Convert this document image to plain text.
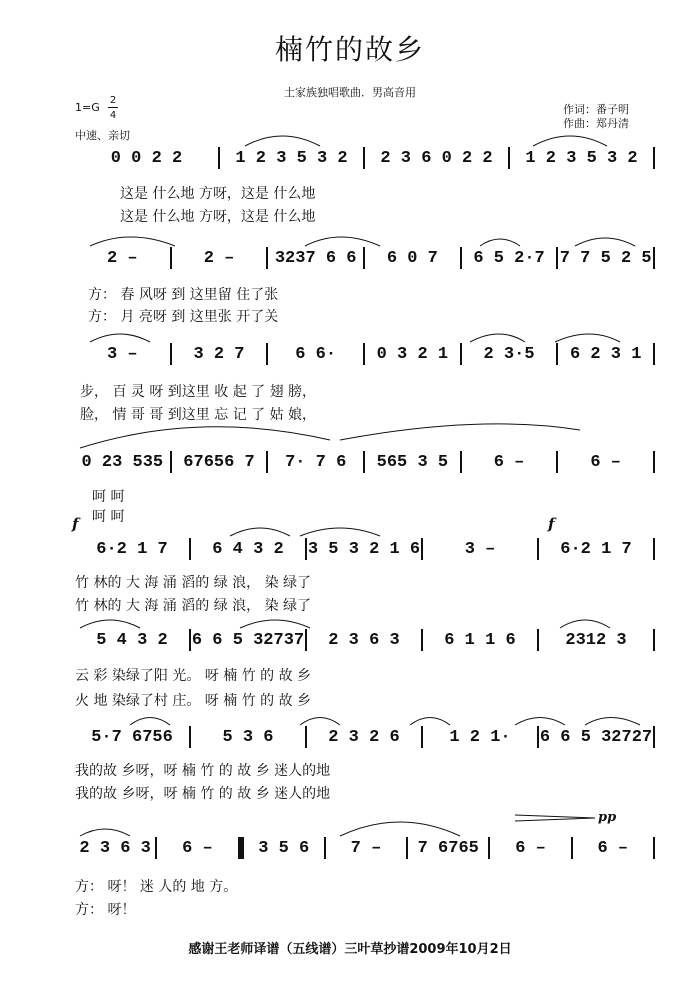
楠竹的故乡
土家族独唱歌曲．男高音用
1=G
2
4
中速、亲切
作词：番子明
作曲：郑丹清
0 0 2 2	1 2 3 5 3 2	2 3 6 0 2 2	1 2 3 5 3 2
这是 什么地 方呀，这是 什么地
这是 什么地 方呀，这是 什么地
2 –	2 –	3237 6 6	6 0 7	6 5 2·7 7 7 5 2 5
方： 春 风呀 到 这里留 住了张
方： 月 亮呀 到 这里张 开了关
3 –	3 2 7	6 6·	0 3 2 1	2 3·5	6 2 3 1
步， 百 灵 呀 到这里 收 起 了 翅 膀，
脸， 情 哥 哥 到这里 忘 记 了 姑 娘，
0 23 535	67656 7	7· 7 6	565 3 5	6 –	6 –
呵 呵
呵 呵
f	f
6·2 1 7	6 4 3 2	3 5 3 2 1 6	3 –	6·2 1 7
竹 林的 大 海 涌 滔的 绿 浪， 染 绿了
竹 林的 大 海 涌 滔的 绿 浪， 染 绿了
5 4 3 2	6 6 5 32737	2 3 6 3	6 1 1 6	2312 3
云 彩 染绿了阳 光。 呀 楠 竹 的 故 乡
火 地 染绿了村 庄。 呀 楠 竹 的 故 乡
5·7 6756	5 3 6	2 3 2 6	1 2 1·	6 6 5 32727
我的故 乡呀，呀 楠 竹 的 故 乡 迷人的地
我的故 乡呀，呀 楠 竹 的 故 乡 迷人的地
pp
2 3 6 3	6 –	3 5 6	7 –	7 6765	6 –	6 –
方： 呀！ 迷 人的 地 方。
方： 呀！
感谢王老师译谱（五线谱）三叶草抄谱2009年10月2日
